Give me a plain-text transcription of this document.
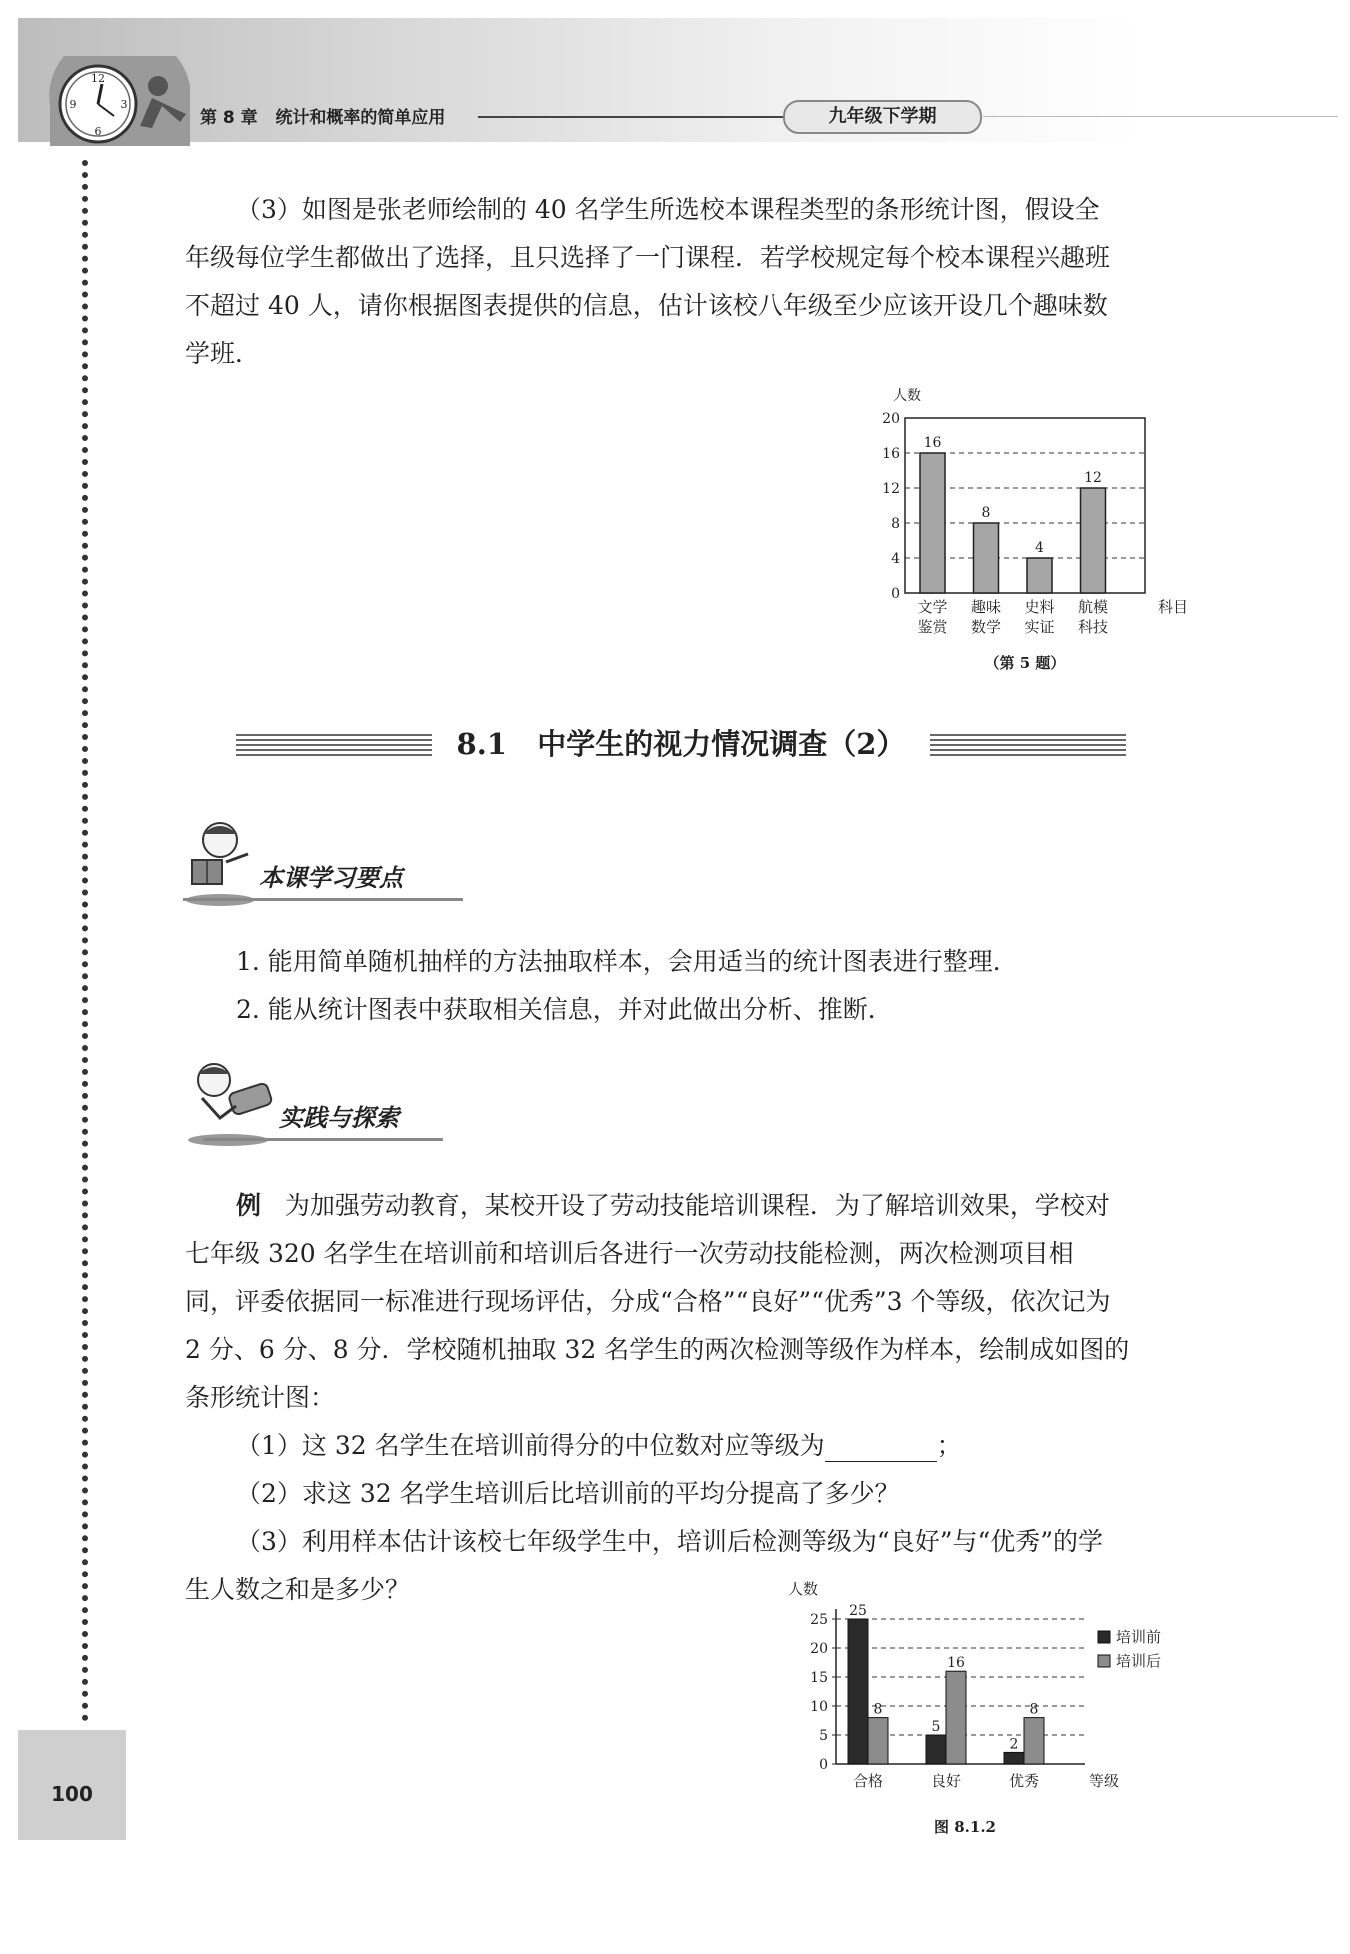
12
3
6
9
第 8 章 统计和概率的简单应用	九年级下学期
100
（3）如图是张老师绘制的 40 名学生所选校本课程类型的条形统计图，假设全
年级每位学生都做出了选择，且只选择了一门课程．若学校规定每个校本课程兴趣班
不超过 40 人，请你根据图表提供的信息，估计该校八年级至少应该开设几个趣味数
学班．
0
4
8
12
16
20
人数
16
文学
鉴赏
8
趣味
数学
4
史料
实证
12
航模
科技
科目
（第 5 题）
8.1 中学生的视力情况调查（2）
本课学习要点
1. 能用简单随机抽样的方法抽取样本，会用适当的统计图表进行整理．
2. 能从统计图表中获取相关信息，并对此做出分析、推断．
实践与探索
例 为加强劳动教育，某校开设了劳动技能培训课程．为了解培训效果，学校对
七年级 320 名学生在培训前和培训后各进行一次劳动技能检测，两次检测项目相
同，评委依据同一标准进行现场评估，分成“合格”“良好”“优秀”3 个等级，依次记为
2 分、6 分、8 分．学校随机抽取 32 名学生的两次检测等级作为样本，绘制成如图的
条形统计图：
（1）这 32 名学生在培训前得分的中位数对应等级为	；
（2）求这 32 名学生培训后比培训前的平均分提高了多少？
（3）利用样本估计该校七年级学生中，培训后检测等级为“良好”与“优秀”的学
生人数之和是多少？
0
5
10
15
20
25
人数
25
8
合格
5
16
良好
2
8
优秀	等级
培训前
培训后
图 8.1.2
